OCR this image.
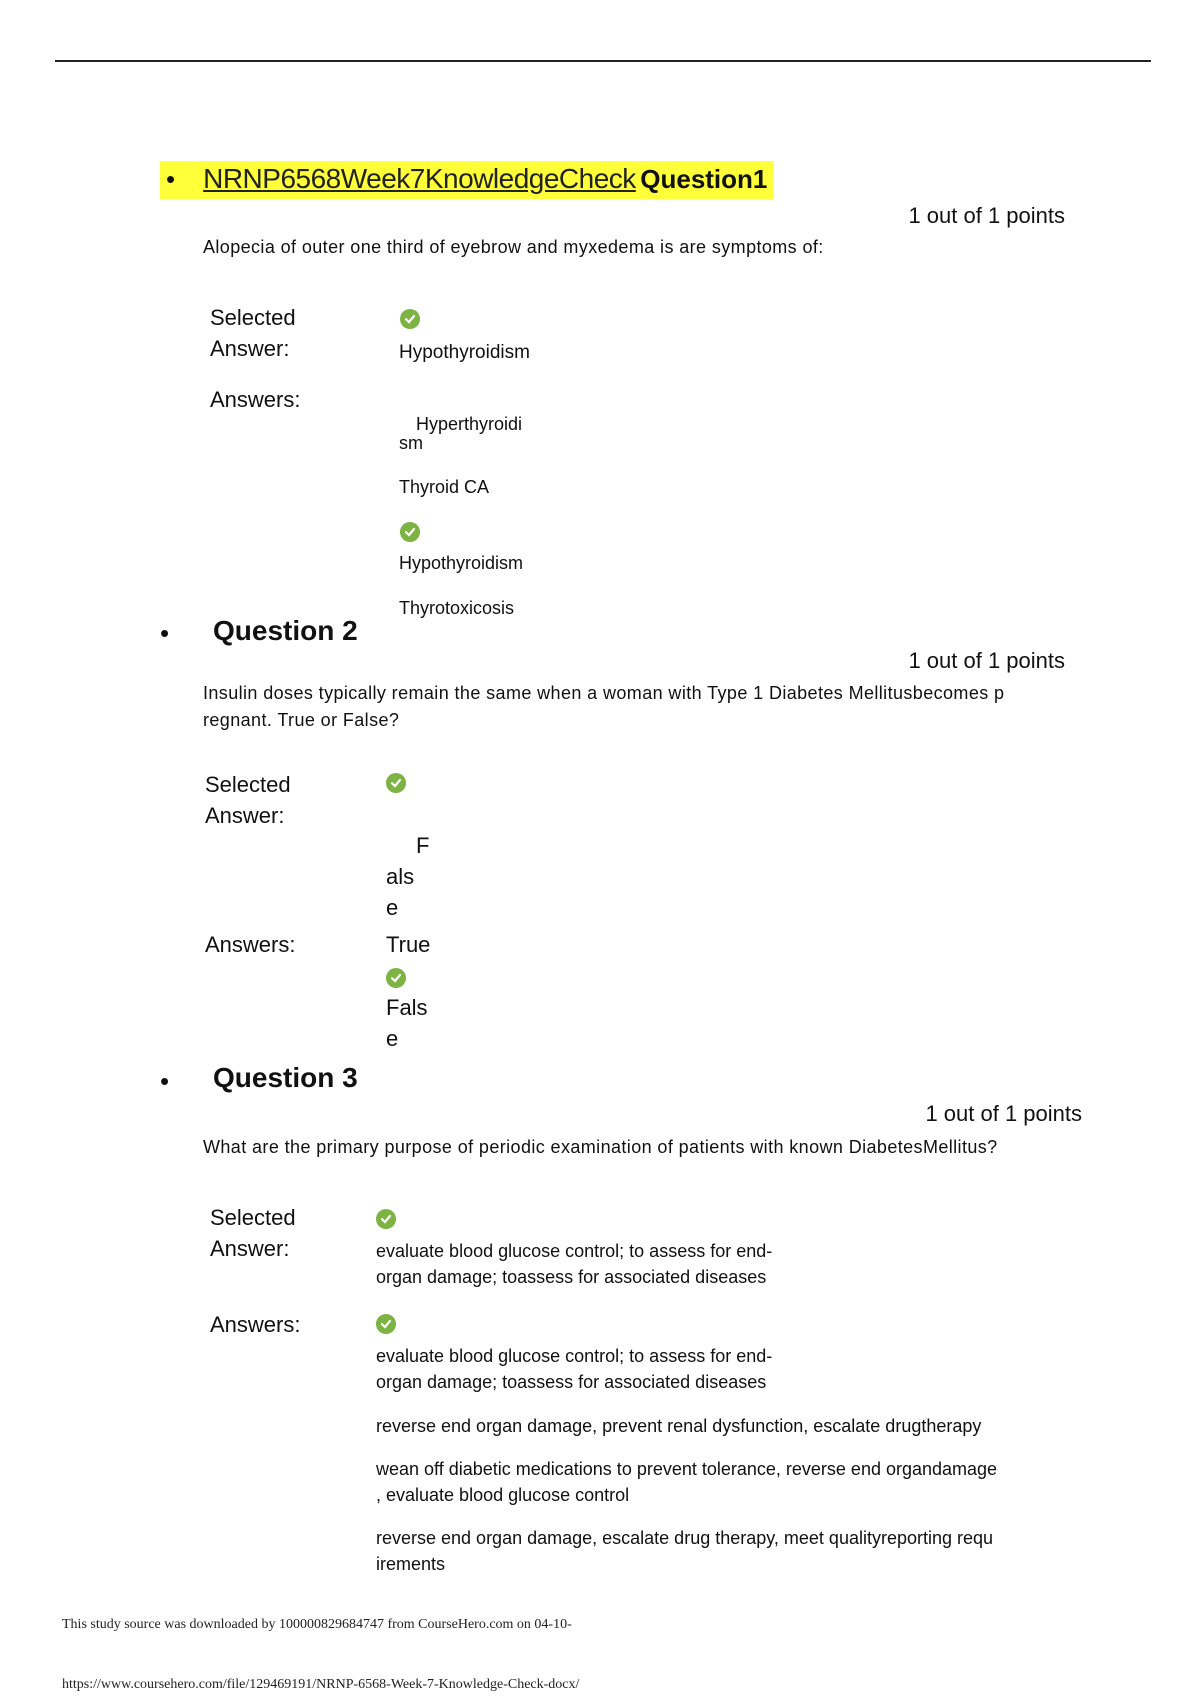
• NRNP6568Week7KnowledgeCheck Question1
1 out of 1 points
Alopecia of outer one third of eyebrow and myxedema is are symptoms of:
Selected
Answer:	Hypothyroidism
Answers:
Hyperthyroidi
sm
Thyroid CA
Hypothyroidism
Thyrotoxicosis
• Question 2
1 out of 1 points
Insulin doses typically remain the same when a woman with Type 1 Diabetes Mellitusbecomes p
regnant. True or False?
Selected
Answer:
F
als
e
Answers:	True
Fals
e
• Question 3
1 out of 1 points
What are the primary purpose of periodic examination of patients with known DiabetesMellitus?
Selected
Answer:	evaluate blood glucose control; to assess for end-
organ damage; toassess for associated diseases
Answers:
evaluate blood glucose control; to assess for end-
organ damage; toassess for associated diseases
reverse end organ damage, prevent renal dysfunction, escalate drugtherapy
wean off diabetic medications to prevent tolerance, reverse end organdamage
, evaluate blood glucose control
reverse end organ damage, escalate drug therapy, meet qualityreporting requ
irements
This study source was downloaded by 100000829684747 from CourseHero.com on 04-10-
https://www.coursehero.com/file/129469191/NRNP-6568-Week-7-Knowledge-Check-docx/
